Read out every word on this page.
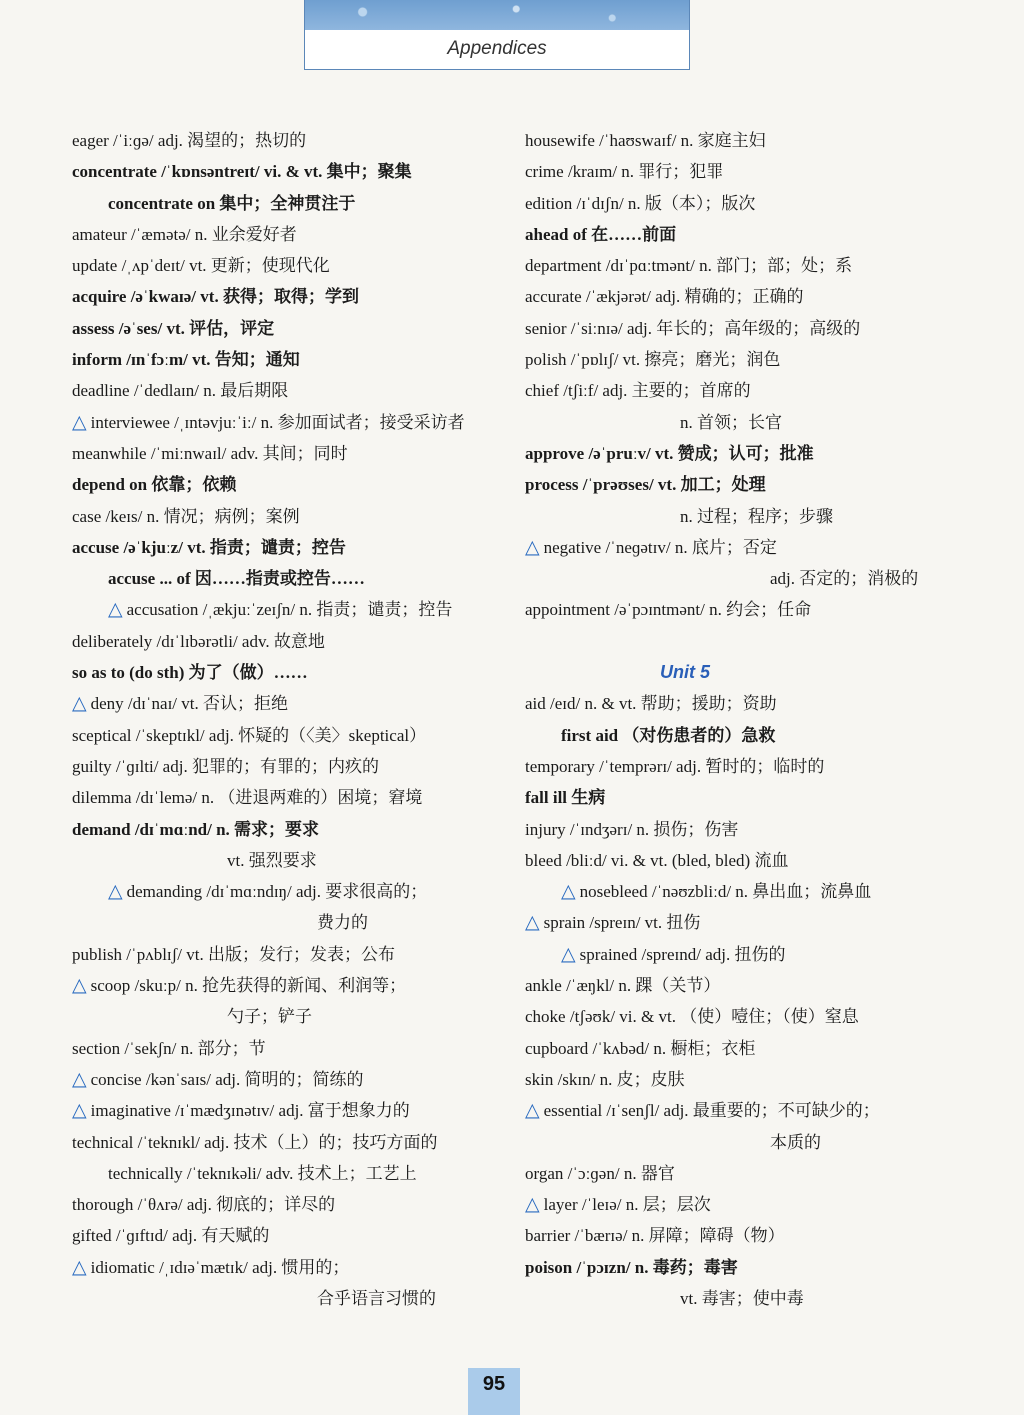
Appendices
eager /ˈiːɡə/ adj. 渴望的；热切的
concentrate /ˈkɒnsəntreɪt/ vi. & vt. 集中；聚集
concentrate on 集中；全神贯注于
amateur /ˈæmətə/ n. 业余爱好者
update /ˌʌpˈdeɪt/ vt. 更新；使现代化
acquire /əˈkwaɪə/ vt. 获得；取得；学到
assess /əˈses/ vt. 评估，评定
inform /ɪnˈfɔːm/ vt. 告知；通知
deadline /ˈdedlaɪn/ n. 最后期限
△ interviewee /ˌɪntəvjuːˈiː/ n. 参加面试者；接受采访者
meanwhile /ˈmiːnwaɪl/ adv. 其间；同时
depend on 依靠；依赖
case /keɪs/ n. 情况；病例；案例
accuse /əˈkjuːz/ vt. 指责；谴责；控告
accuse ... of 因……指责或控告……
△ accusation /ˌækjuːˈzeɪʃn/ n. 指责；谴责；控告
deliberately /dɪˈlɪbərətli/ adv. 故意地
so as to (do sth) 为了（做）……
△ deny /dɪˈnaɪ/ vt. 否认；拒绝
sceptical /ˈskeptɪkl/ adj. 怀疑的（〈美〉skeptical）
guilty /ˈɡɪlti/ adj. 犯罪的；有罪的；内疚的
dilemma /dɪˈlemə/ n. （进退两难的）困境；窘境
demand /dɪˈmɑːnd/ n. 需求；要求
vt. 强烈要求
△ demanding /dɪˈmɑːndɪŋ/ adj. 要求很高的；
费力的
publish /ˈpʌblɪʃ/ vt. 出版；发行；发表；公布
△ scoop /skuːp/ n. 抢先获得的新闻、利润等；
勺子；铲子
section /ˈsekʃn/ n. 部分；节
△ concise /kənˈsaɪs/ adj. 简明的；简练的
△ imaginative /ɪˈmædʒɪnətɪv/ adj. 富于想象力的
technical /ˈteknɪkl/ adj. 技术（上）的；技巧方面的
technically /ˈteknɪkəli/ adv. 技术上；工艺上
thorough /ˈθʌrə/ adj. 彻底的；详尽的
gifted /ˈɡɪftɪd/ adj. 有天赋的
△ idiomatic /ˌɪdɪəˈmætɪk/ adj. 惯用的；
合乎语言习惯的
housewife /ˈhaʊswaɪf/ n. 家庭主妇
crime /kraɪm/ n. 罪行；犯罪
edition /ɪˈdɪʃn/ n. 版（本）；版次
ahead of 在……前面
department /dɪˈpɑːtmənt/ n. 部门；部；处；系
accurate /ˈækjərət/ adj. 精确的；正确的
senior /ˈsiːnɪə/ adj. 年长的；高年级的；高级的
polish /ˈpɒlɪʃ/ vt. 擦亮；磨光；润色
chief /tʃiːf/ adj. 主要的；首席的
n. 首领；长官
approve /əˈpruːv/ vt. 赞成；认可；批准
process /ˈprəʊses/ vt. 加工；处理
n. 过程；程序；步骤
△ negative /ˈneɡətɪv/ n. 底片；否定
adj. 否定的；消极的
appointment /əˈpɔɪntmənt/ n. 约会；任命
Unit 5
aid /eɪd/ n. & vt. 帮助；援助；资助
first aid （对伤患者的）急救
temporary /ˈtemprərɪ/ adj. 暂时的；临时的
fall ill 生病
injury /ˈɪndʒərɪ/ n. 损伤；伤害
bleed /bliːd/ vi. & vt. (bled, bled) 流血
△ nosebleed /ˈnəʊzbliːd/ n. 鼻出血；流鼻血
△ sprain /spreɪn/ vt. 扭伤
△ sprained /spreɪnd/ adj. 扭伤的
ankle /ˈæŋkl/ n. 踝（关节）
choke /tʃəʊk/ vi. & vt. （使）噎住；（使）窒息
cupboard /ˈkʌbəd/ n. 橱柜；衣柜
skin /skɪn/ n. 皮；皮肤
△ essential /ɪˈsenʃl/ adj. 最重要的；不可缺少的；
本质的
organ /ˈɔːɡən/ n. 器官
△ layer /ˈleɪə/ n. 层；层次
barrier /ˈbærɪə/ n. 屏障；障碍（物）
poison /ˈpɔɪzn/ n. 毒药；毒害
vt. 毒害；使中毒
95
